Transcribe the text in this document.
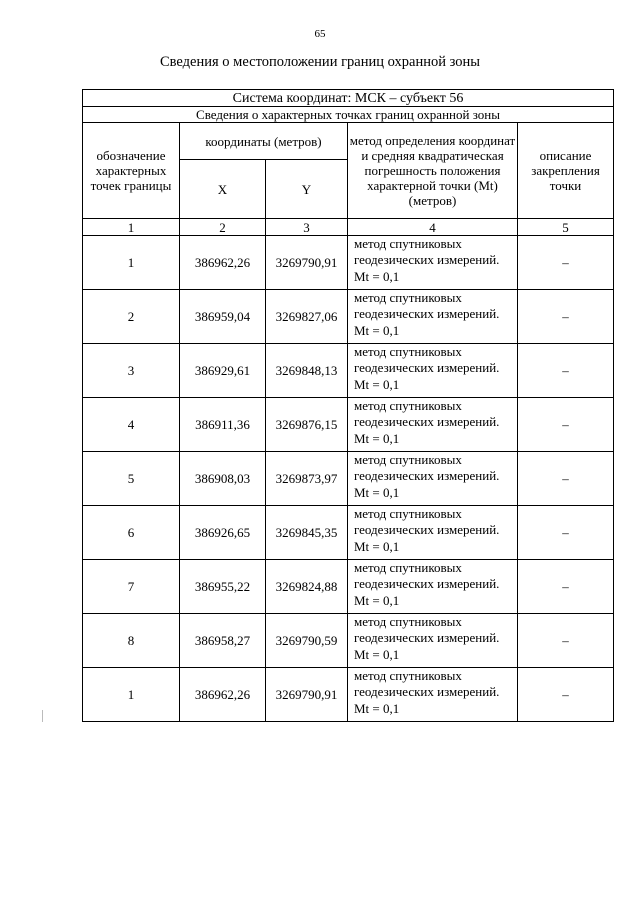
65
Сведения о местоположении границ охранной зоны
Система координат: МСК – субъект 56				
Сведения о характерных точках границ охранной зоны				
обозначение характерных точек границы	координаты (метров)		метод определения координат и средняя квадратическая погрешность положения характерной точки (Mt) (метров)	описание закрепления точки
	X	Y		
1	2	3	4	5
1	386962,26	3269790,91	метод спутниковых геодезических измерений. Mt = 0,1	–
2	386959,04	3269827,06	метод спутниковых геодезических измерений. Mt = 0,1	–
3	386929,61	3269848,13	метод спутниковых геодезических измерений. Mt = 0,1	–
4	386911,36	3269876,15	метод спутниковых геодезических измерений. Mt = 0,1	–
5	386908,03	3269873,97	метод спутниковых геодезических измерений. Mt = 0,1	–
6	386926,65	3269845,35	метод спутниковых геодезических измерений. Mt = 0,1	–
7	386955,22	3269824,88	метод спутниковых геодезических измерений. Mt = 0,1	–
8	386958,27	3269790,59	метод спутниковых геодезических измерений. Mt = 0,1	–
1	386962,26	3269790,91	метод спутниковых геодезических измерений. Mt = 0,1	–
